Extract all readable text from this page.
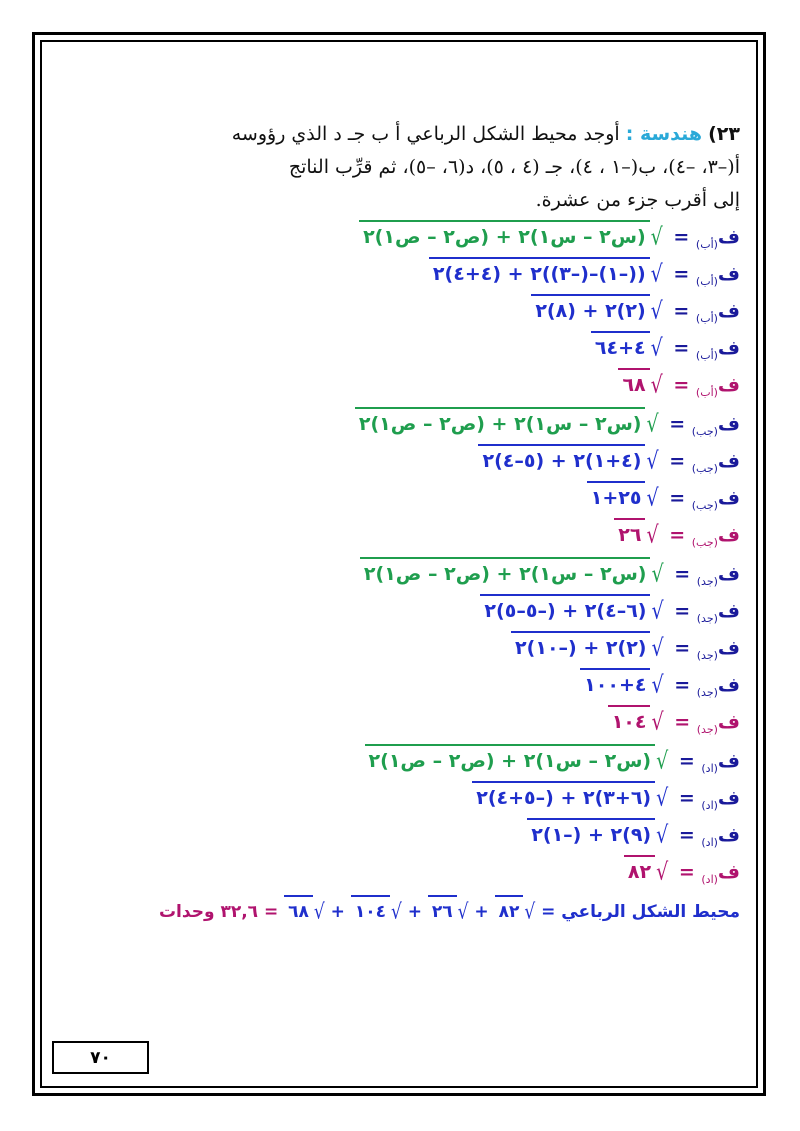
٢٣) هندسة : أوجد محيط الشكل الرباعي أ ب جـ د الذي رؤوسه
أ(–٣، –٤)، ب(–١ ، ٤)، جـ (٤ ، ٥)، د(٦، –٥)، ثم قرِّب الناتج
إلى أقرب جزء من عشرة.
ف$_{(أب)}$ = √(س٢ – س١)٢ + (ص٢ – ص١)٢
ف$_{(أب)}$ = √((–١)–(–٣))٢ + (٤+٤)٢
ف$_{(أب)}$ = √(٢)٢ + (٨)٢
ف$_{(أب)}$ = √٤+٦٤
ف$_{(أب)}$ = √٦٨
ف$_{(جب)}$ = √(س٢ – س١)٢ + (ص٢ – ص١)٢
ف$_{(جب)}$ = √(٤+١)٢ + (٥–٤)٢
ف$_{(جب)}$ = √٢٥+١
ف$_{(جب)}$ = √٢٦
ف$_{(جد)}$ = √(س٢ – س١)٢ + (ص٢ – ص١)٢
ف$_{(جد)}$ = √(٦–٤)٢ + (–٥–٥)٢
ف$_{(جد)}$ = √(٢)٢ + (–١٠)٢
ف$_{(جد)}$ = √٤+١٠٠
ف$_{(جد)}$ = √١٠٤
ف$_{(اد)}$ = √(س٢ – س١)٢ + (ص٢ – ص١)٢
ف$_{(اد)}$ = √(٦+٣)٢ + (–٥+٤)٢
ف$_{(اد)}$ = √(٩)٢ + (–١)٢
ف$_{(اد)}$ = √٨٢
محيط الشكل الرباعي = √٨٢ + √٢٦ + √١٠٤ + √٦٨ = ٣٢,٦ وحدات
٧٠
